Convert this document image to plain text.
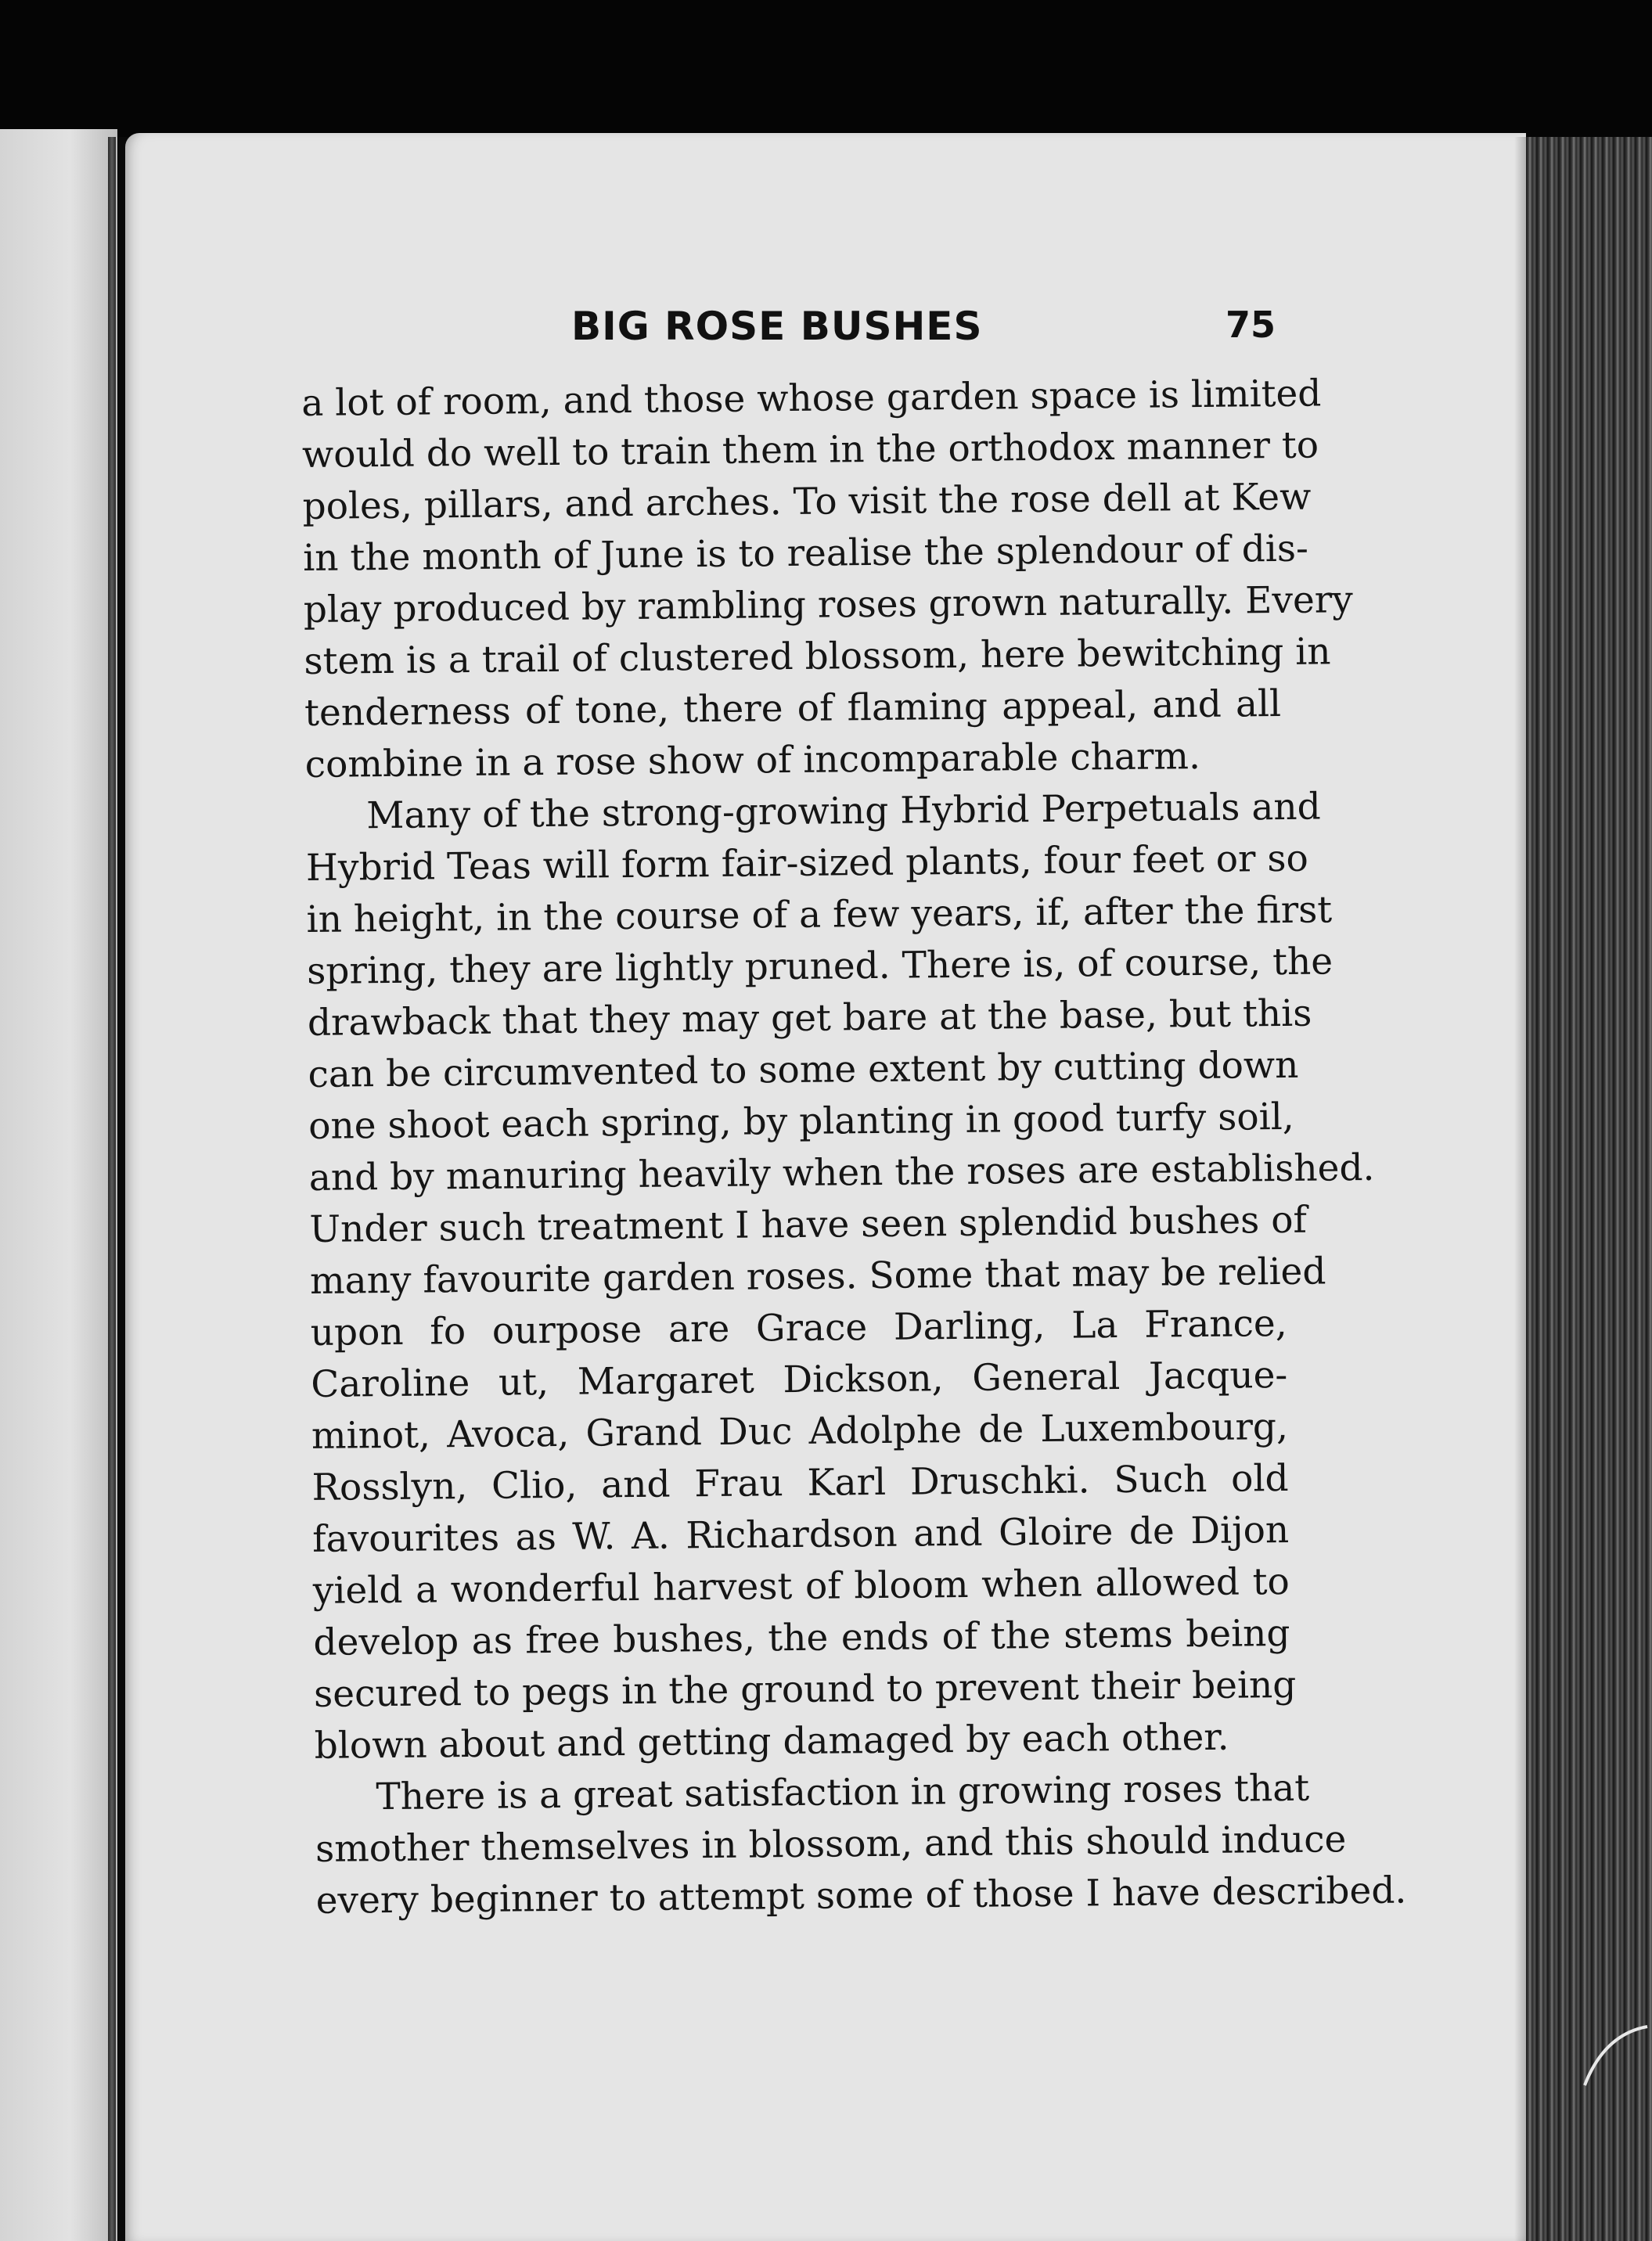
BIG ROSE BUSHES	75
a lot of room, and those whose garden space is limited
would do well to train them in the orthodox manner to
poles, pillars, and arches. To visit the rose dell at Kew
in the month of June is to realise the splendour of dis-
play produced by rambling roses grown naturally. Every
stem is a trail of clustered blossom, here bewitching in
tenderness of tone, there of flaming appeal, and all
combine in a rose show of incomparable charm.
Many of the strong-growing Hybrid Perpetuals and
Hybrid Teas will form fair-sized plants, four feet or so
in height, in the course of a few years, if, after the first
spring, they are lightly pruned. There is, of course, the
drawback that they may get bare at the base, but this
can be circumvented to some extent by cutting down
one shoot each spring, by planting in good turfy soil,
and by manuring heavily when the roses are established.
Under such treatment I have seen splendid bushes of
many favourite garden roses. Some that may be relied
upon fo ourpose are Grace Darling, La France,
Caroline ut, Margaret Dickson, General Jacque-
minot, Avoca, Grand Duc Adolphe de Luxembourg,
Rosslyn, Clio, and Frau Karl Druschki. Such old
favourites as W. A. Richardson and Gloire de Dijon
yield a wonderful harvest of bloom when allowed to
develop as free bushes, the ends of the stems being
secured to pegs in the ground to prevent their being
blown about and getting damaged by each other.
There is a great satisfaction in growing roses that
smother themselves in blossom, and this should induce
every beginner to attempt some of those I have described.
